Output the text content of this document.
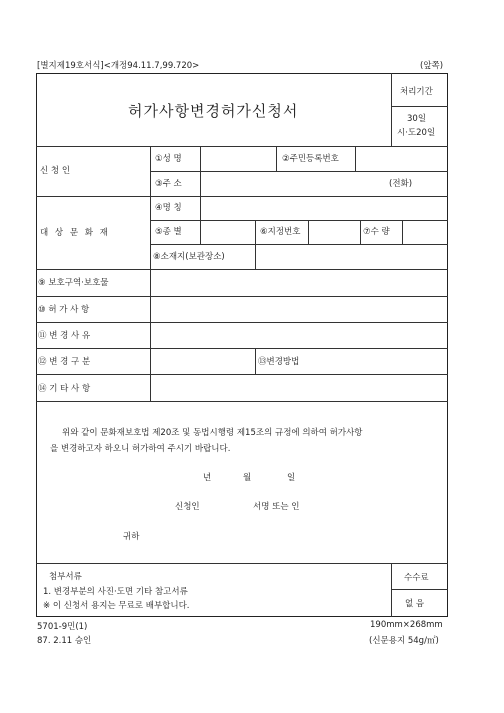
[별지제19호서식]<개정94.11.7,99.720>	(앞쪽)
허가사항변경허가신청서
처리기간
30일
시·도20일
신 청 인
①성 명	②주민등록번호
③주 소	(전화)
대 상 문 화 재
④명 칭
⑤종 별	⑥지정번호	⑦수 량
⑧소재지(보관장소)
⑨ 보호구역·보호물
⑩ 허 가 사 항
⑪ 변 경 사 유
⑫ 변 경 구 분	⑬변경방법
⑭ 기 타 사 항
위와 같이 문화재보호법 제20조 및 동법시행령 제15조의 규정에 의하여 허가사항
을 변경하고자 하오니 허가하여 주시기 바랍니다.
년	월	일
신청인	서명 또는 인
귀하
첨부서류
1. 변경부분의 사진·도면 기타 참고서류
※ 이 신청서 용지는 무료로 배부합니다.
수수료
없 음
5701-9민(1)	190mm×268mm
87. 2.11 승인	(신문용지 54g/㎡)
